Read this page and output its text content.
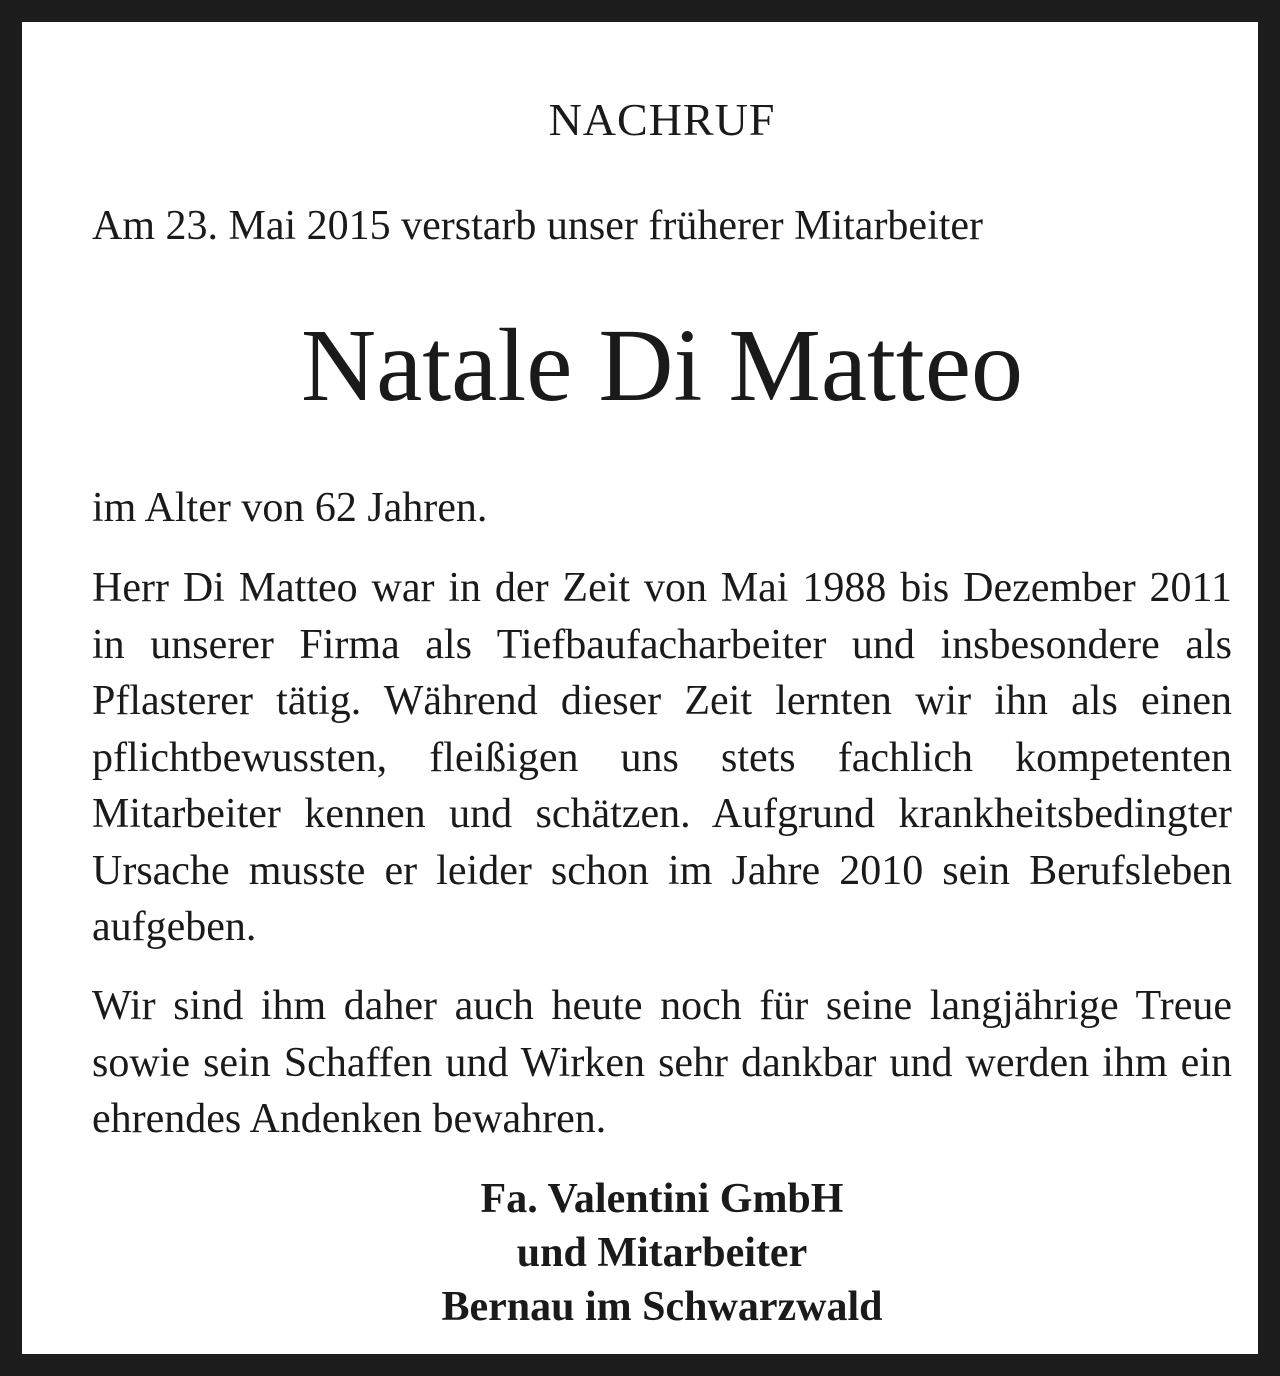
NACHRUF

Am 23. Mai 2015 verstarb unser früherer Mitarbeiter

Natale Di Matteo

im Alter von 62 Jahren.

Herr Di Matteo war in der Zeit von Mai 1988 bis Dezember 2011 in unserer Firma als Tiefbaufacharbeiter und insbesondere als Pflasterer tätig. Während dieser Zeit lernten wir ihn als einen pflichtbewussten, fleißigen uns stets fachlich kompetenten Mitarbeiter kennen und schätzen. Aufgrund krankheitsbedingter Ursache musste er leider schon im Jahre 2010 sein Berufsleben aufgeben.

Wir sind ihm daher auch heute noch für seine langjährige Treue sowie sein Schaffen und Wirken sehr dankbar und werden ihm ein ehrendes Andenken bewahren.

Fa. Valentini GmbH
und Mitarbeiter
Bernau im Schwarzwald
